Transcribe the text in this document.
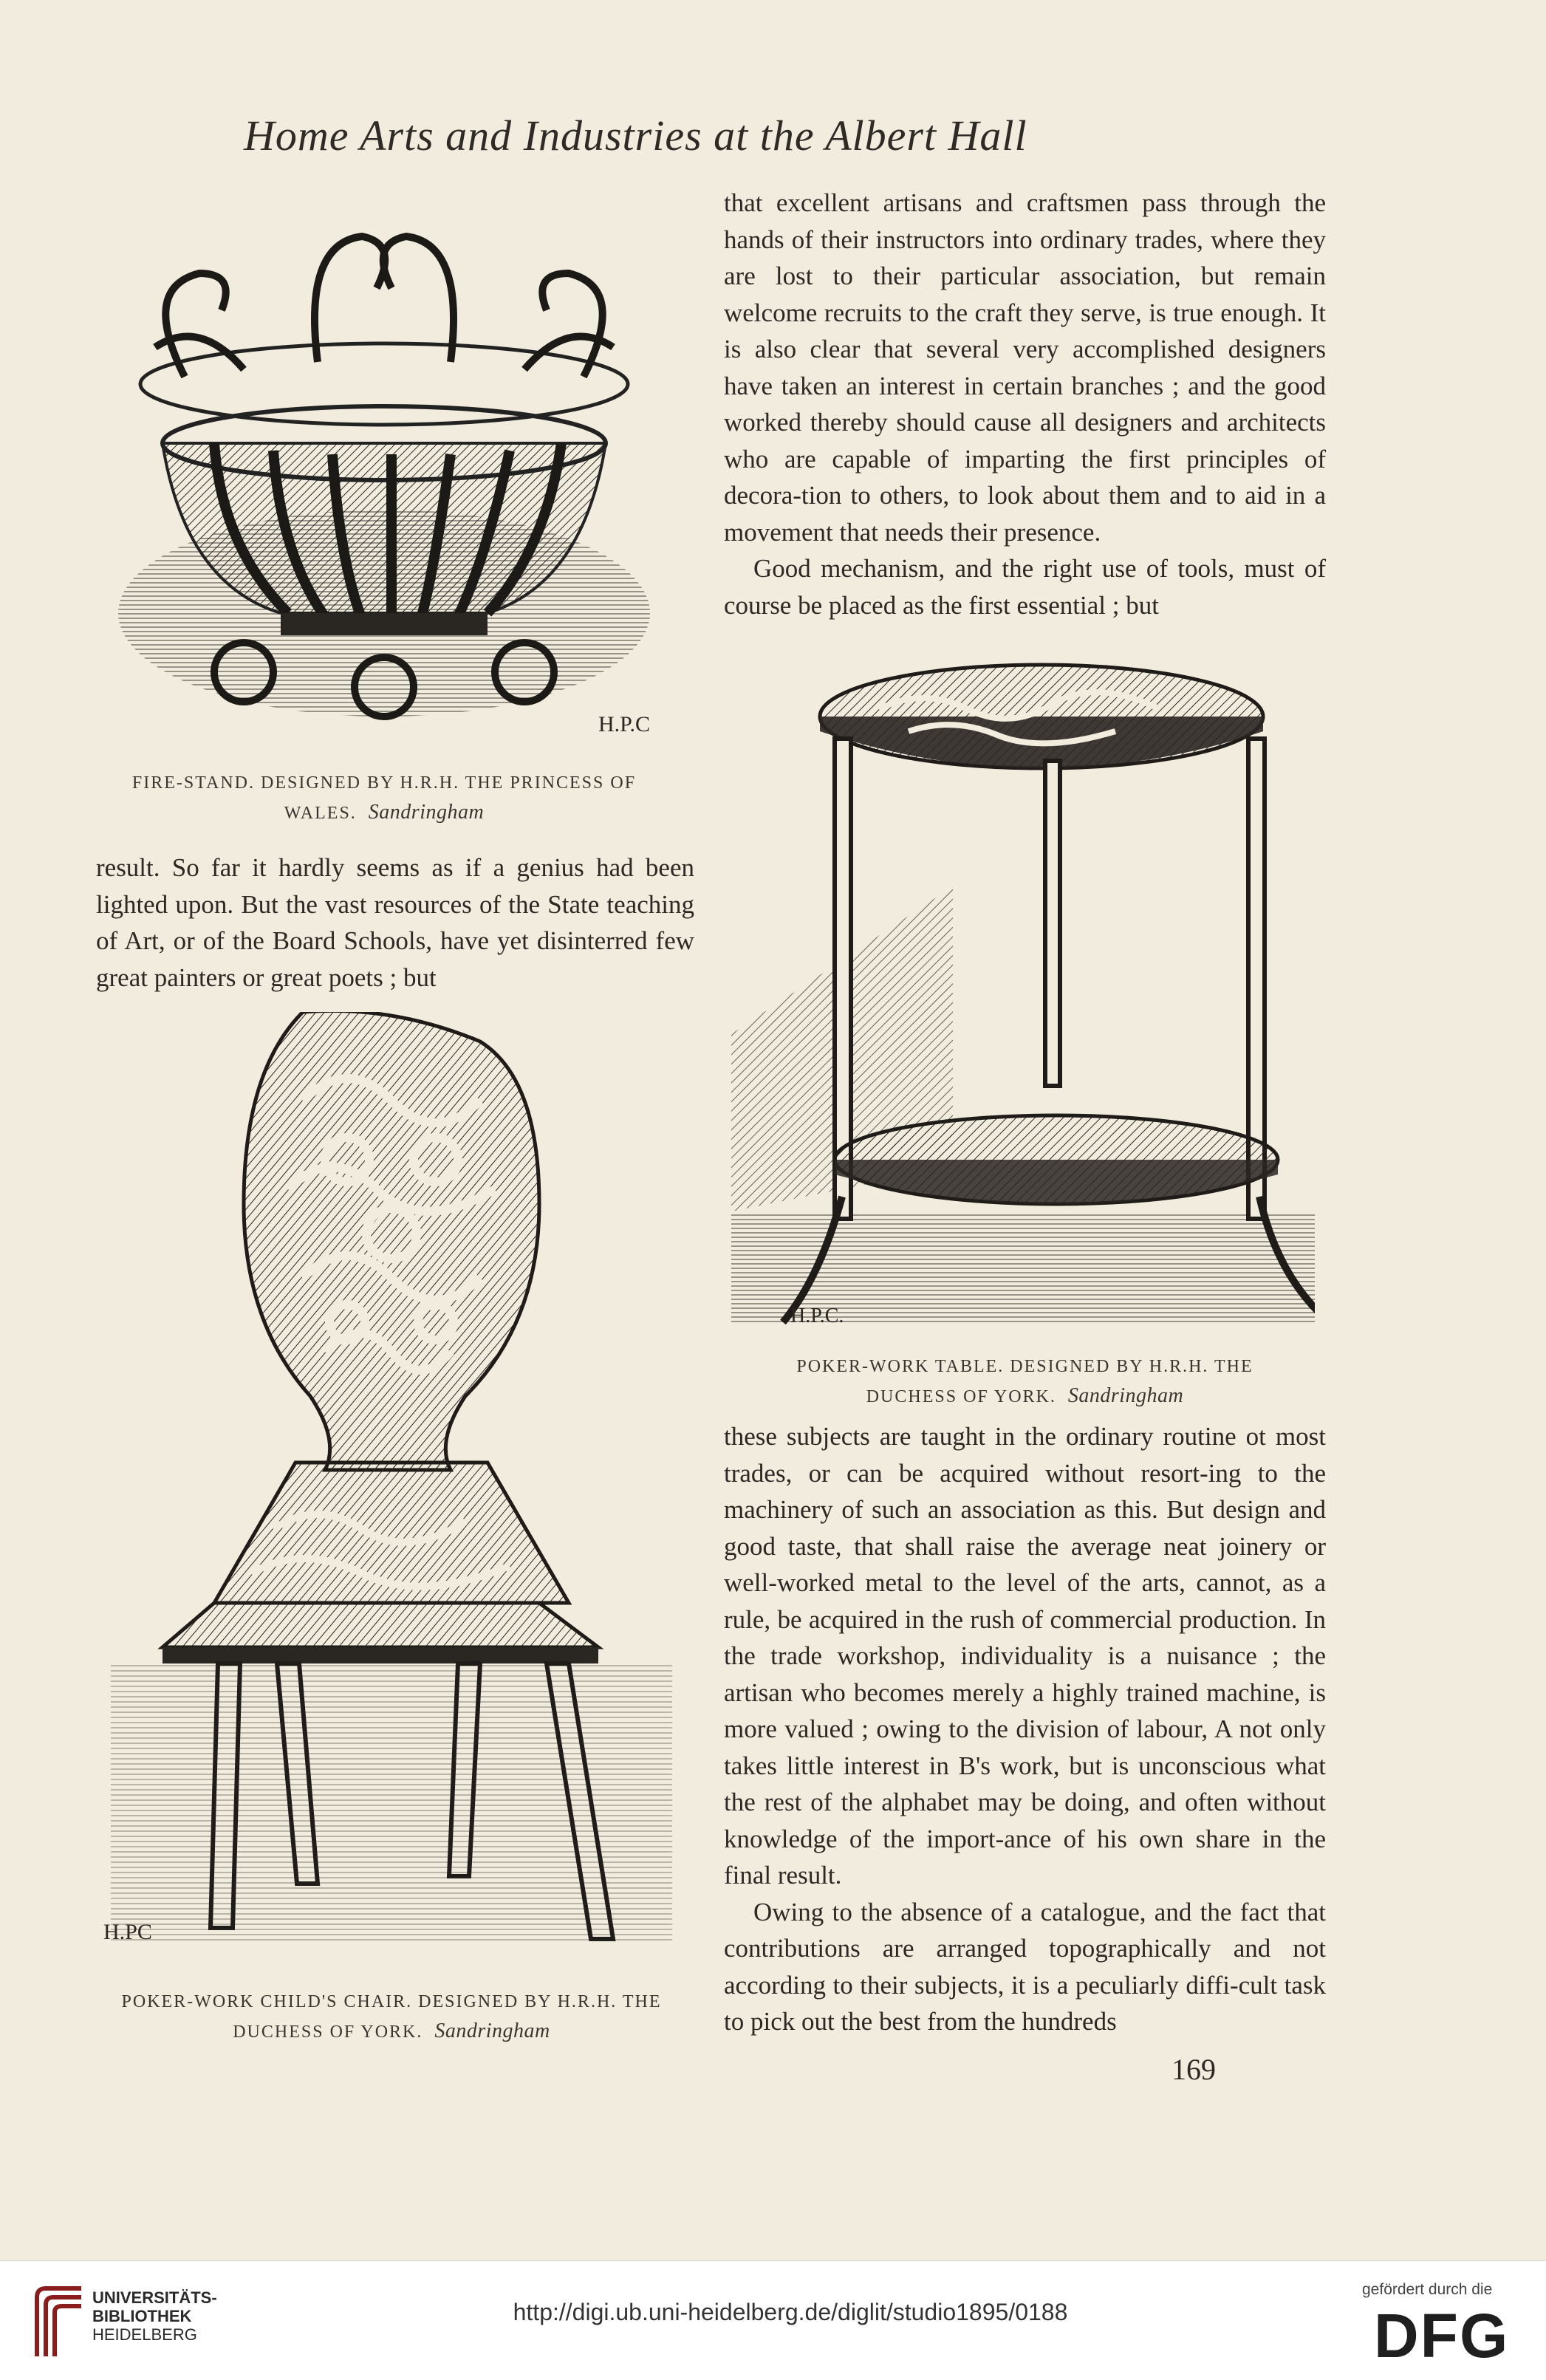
Home Arts and Industries at the Albert Hall
H.P.C
FIRE-STAND. DESIGNED BY H.R.H. THE PRINCESS OF
WALES. Sandringham

result. So far it hardly seems as if a genius had been lighted upon. But the vast resources of the State teaching of Art, or of the Board Schools, have yet disinterred few great painters or great poets ; but

H.PC
POKER-WORK CHILD'S CHAIR. DESIGNED BY H.R.H. THE
DUCHESS OF YORK. Sandringham

that excellent artisans and craftsmen pass through the hands of their instructors into ordinary trades, where they are lost to their particular association, but remain welcome recruits to the craft they serve, is true enough. It is also clear that several very accomplished designers have taken an interest in certain branches ; and the good worked thereby should cause all designers and architects who are capable of imparting the first principles of decora-tion to others, to look about them and to aid in a movement that needs their presence.

Good mechanism, and the right use of tools, must of course be placed as the first essential ; but

H.P.C.
POKER-WORK TABLE. DESIGNED BY H.R.H. THE
DUCHESS OF YORK. Sandringham

these subjects are taught in the ordinary routine ot most trades, or can be acquired without resort-ing to the machinery of such an association as this. But design and good taste, that shall raise the average neat joinery or well-worked metal to the level of the arts, cannot, as a rule, be acquired in the rush of commercial production. In the trade workshop, individuality is a nuisance ; the artisan who becomes merely a highly trained machine, is more valued ; owing to the division of labour, A not only takes little interest in B's work, but is unconscious what the rest of the alphabet may be doing, and often without knowledge of the import-ance of his own share in the final result.

Owing to the absence of a catalogue, and the fact that contributions are arranged topographically and not according to their subjects, it is a peculiarly diffi-cult task to pick out the best from the hundreds

169
UNIVERSITÄTS-
BIBLIOTHEK
HEIDELBERG
http://digi.ub.uni-heidelberg.de/diglit/studio1895/0188
gefördert durch die
DFG
